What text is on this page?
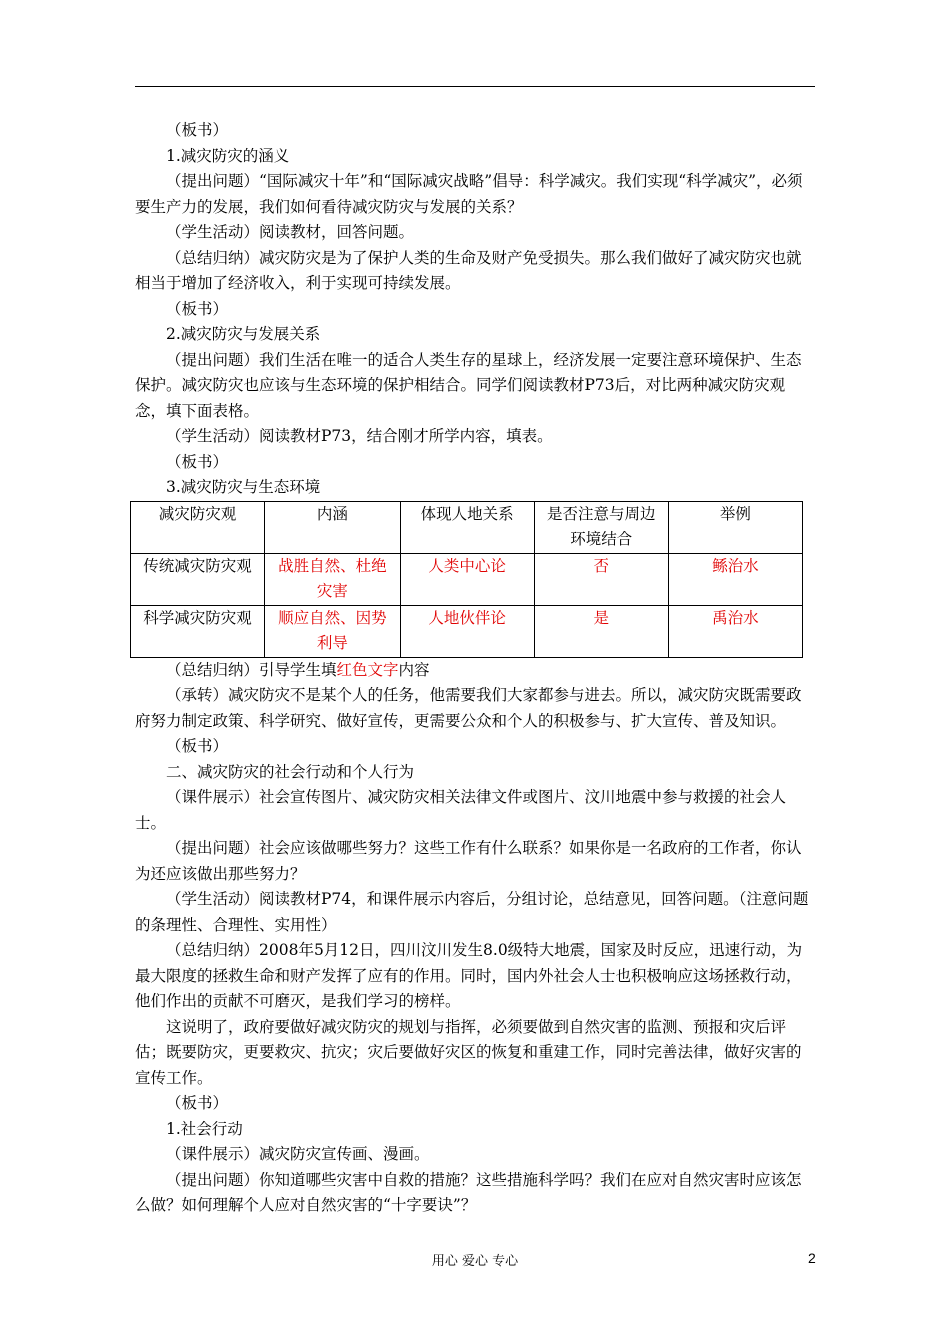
（板书）

1.减灾防灾的涵义

（提出问题）“国际减灾十年”和“国际减灾战略”倡导：科学减灾。我们实现“科学减灾”，必须要生产力的发展，我们如何看待减灾防灾与发展的关系？

（学生活动）阅读教材，回答问题。

（总结归纳）减灾防灾是为了保护人类的生命及财产免受损失。那么我们做好了减灾防灾也就相当于增加了经济收入，利于实现可持续发展。

（板书）

2.减灾防灾与发展关系

（提出问题）我们生活在唯一的适合人类生存的星球上，经济发展一定要注意环境保护、生态保护。减灾防灾也应该与生态环境的保护相结合。同学们阅读教材P73后，对比两种减灾防灾观念，填下面表格。

（学生活动）阅读教材P73，结合刚才所学内容，填表。

（板书）

3.减灾防灾与生态环境

减灾防灾观	内涵	体现人地关系	是否注意与周边环境结合	举例
传统减灾防灾观	战胜自然、杜绝灾害	人类中心论	否	鲧治水
科学减灾防灾观	顺应自然、因势利导	人地伙伴论	是	禹治水

（总结归纳）引导学生填红色文字内容

（承转）减灾防灾不是某个人的任务，他需要我们大家都参与进去。所以，减灾防灾既需要政府努力制定政策、科学研究、做好宣传，更需要公众和个人的积极参与、扩大宣传、普及知识。

（板书）

二、减灾防灾的社会行动和个人行为

（课件展示）社会宣传图片、减灾防灾相关法律文件或图片、汶川地震中参与救援的社会人士。

（提出问题）社会应该做哪些努力？这些工作有什么联系？如果你是一名政府的工作者，你认为还应该做出那些努力？

（学生活动）阅读教材P74，和课件展示内容后，分组讨论，总结意见，回答问题。（注意问题的条理性、合理性、实用性）

（总结归纳）2008年5月12日，四川汶川发生8.0级特大地震，国家及时反应，迅速行动，为最大限度的拯救生命和财产发挥了应有的作用。同时，国内外社会人士也积极响应这场拯救行动，他们作出的贡献不可磨灭，是我们学习的榜样。

这说明了，政府要做好减灾防灾的规划与指挥，必须要做到自然灾害的监测、预报和灾后评估；既要防灾，更要救灾、抗灾；灾后要做好灾区的恢复和重建工作，同时完善法律，做好灾害的宣传工作。

（板书）

1.社会行动

（课件展示）减灾防灾宣传画、漫画。

（提出问题）你知道哪些灾害中自救的措施？这些措施科学吗？我们在应对自然灾害时应该怎么做？如何理解个人应对自然灾害的“十字要诀”？

用心 爱心 专心	2
